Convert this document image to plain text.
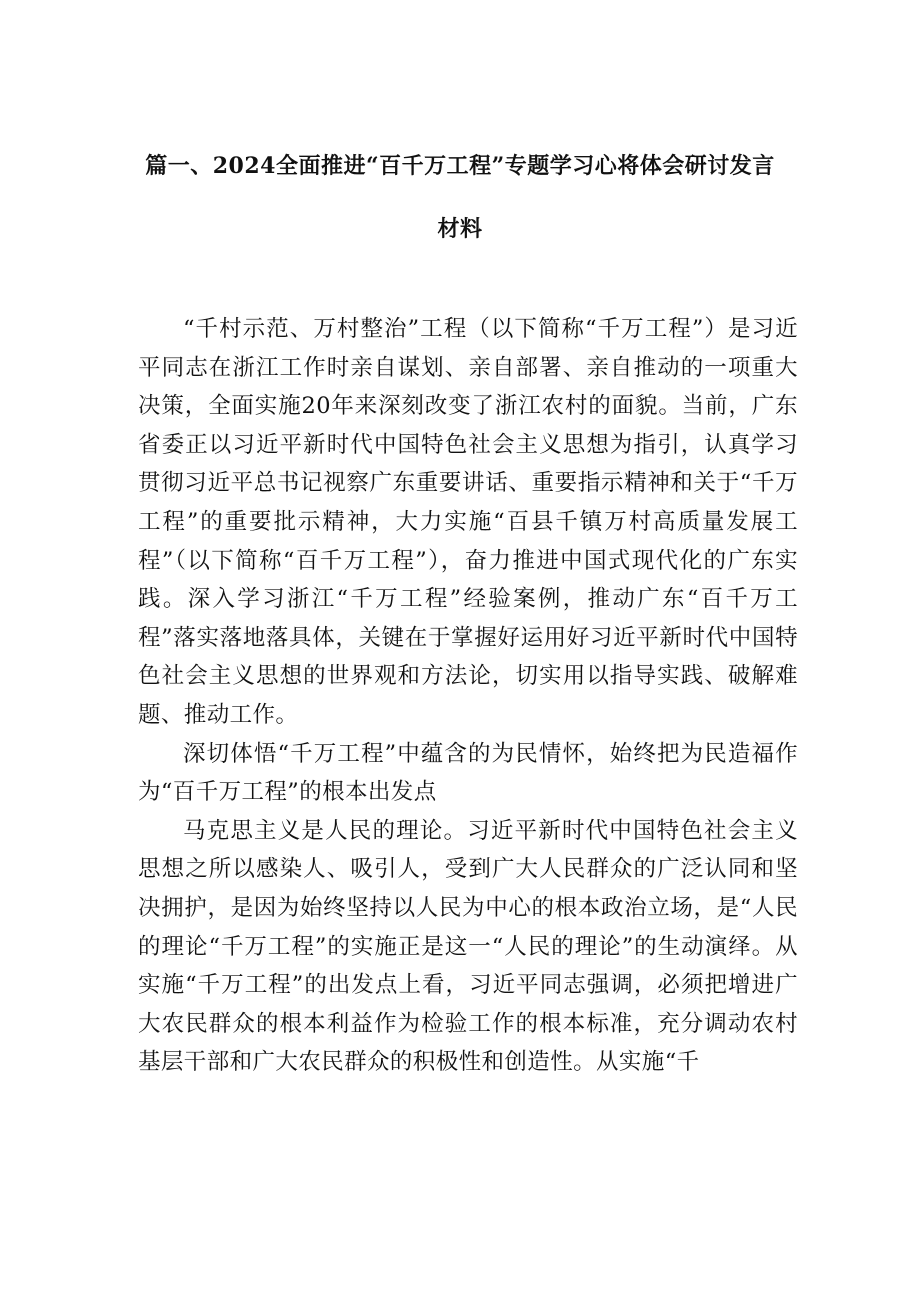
篇一、2024全面推进“百千万工程”专题学习心将体会研讨发言
材料

“千村示范、万村整治”工程（以下简称“千万工程”）是习近平同志在浙江工作时亲自谋划、亲自部署、亲自推动的一项重大决策，全面实施20年来深刻改变了浙江农村的面貌。当前，广东省委正以习近平新时代中国特色社会主义思想为指引，认真学习贯彻习近平总书记视察广东重要讲话、重要指示精神和关于“千万工程”的重要批示精神，大力实施“百县千镇万村高质量发展工程”（以下简称“百千万工程”），奋力推进中国式现代化的广东实践。深入学习浙江“千万工程”经验案例，推动广东“百千万工程”落实落地落具体，关键在于掌握好运用好习近平新时代中国特色社会主义思想的世界观和方法论，切实用以指导实践、破解难题、推动工作。

深切体悟“千万工程”中蕴含的为民情怀，始终把为民造福作为“百千万工程”的根本出发点

马克思主义是人民的理论。习近平新时代中国特色社会主义思想之所以感染人、吸引人，受到广大人民群众的广泛认同和坚决拥护，是因为始终坚持以人民为中心的根本政治立场，是“人民的理论“千万工程”的实施正是这一“人民的理论”的生动演绎。从实施“千万工程”的出发点上看，习近平同志强调，必须把增进广大农民群众的根本利益作为检验工作的根本标准，充分调动农村基层干部和广大农民群众的积极性和创造性。从实施“千
